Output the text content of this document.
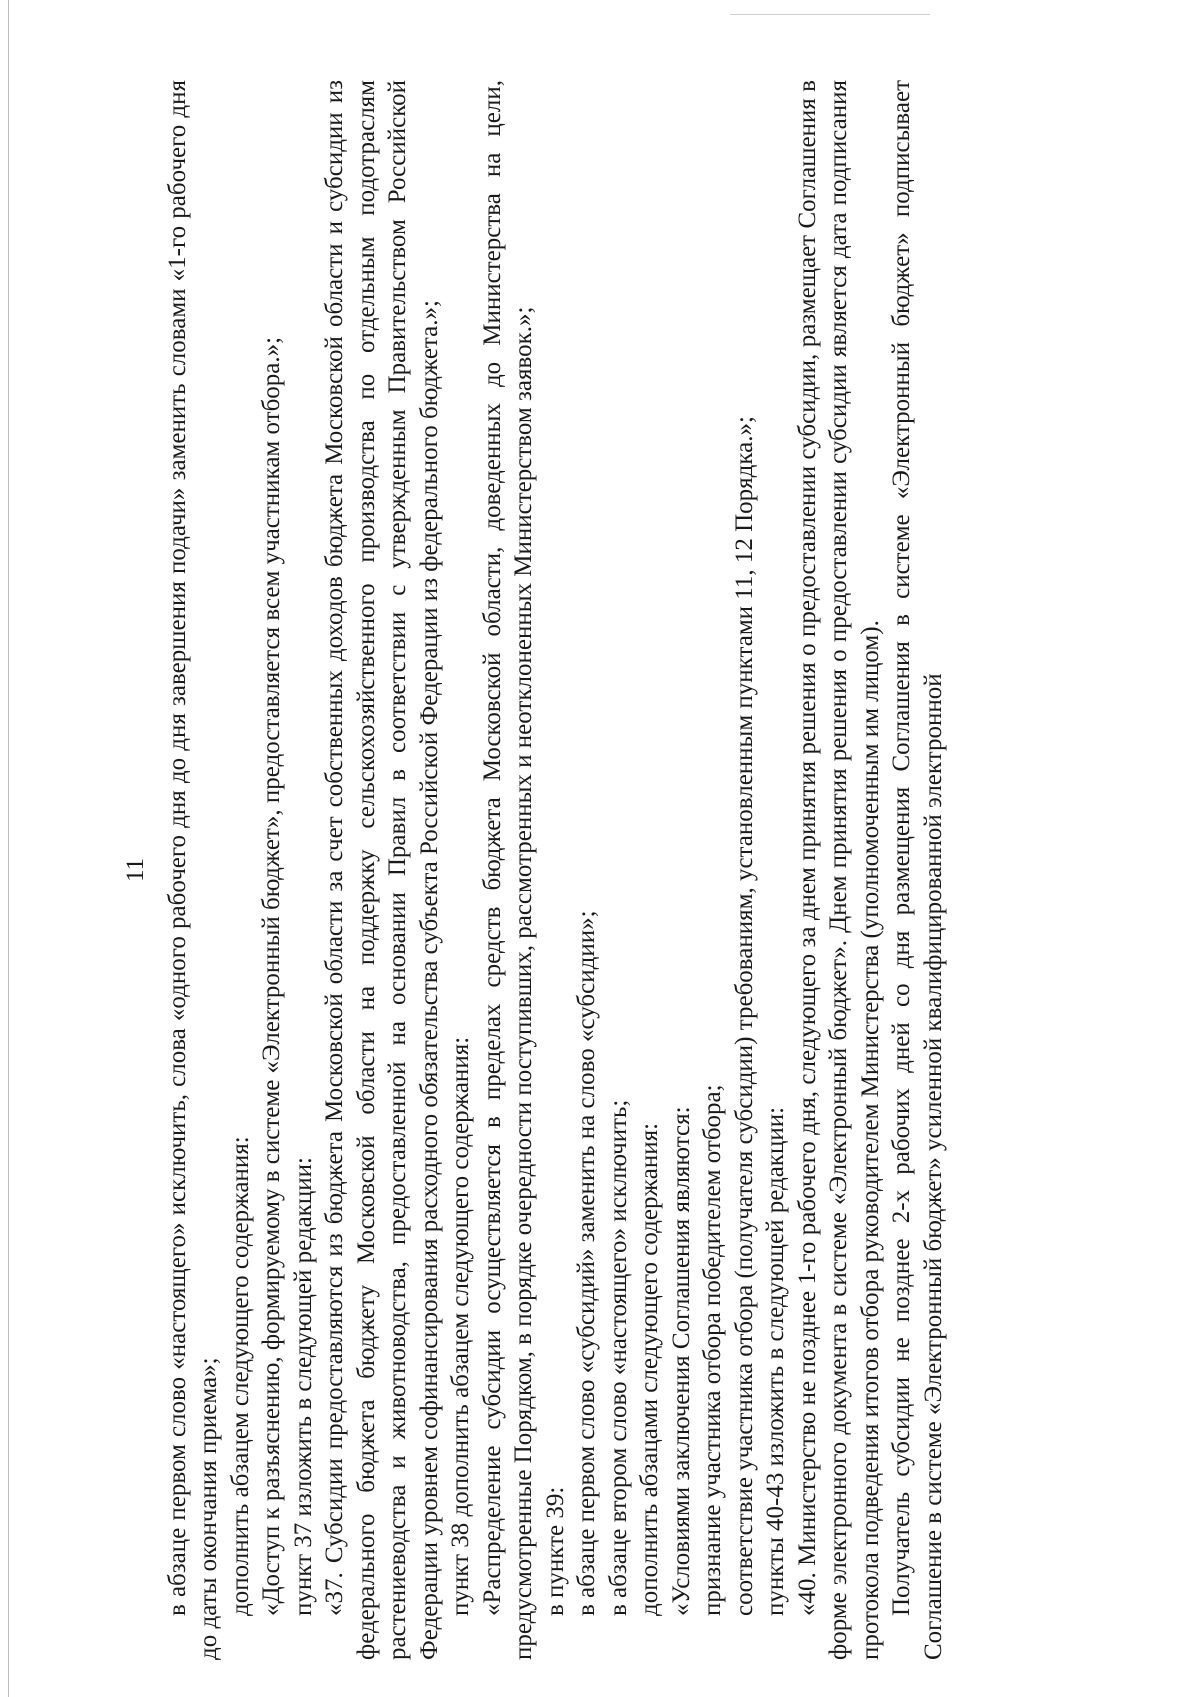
11 в абзаце первом слово «настоящего» исключить, слова «одного рабочего дня до дня завершения подачи» заменить словами «1-го рабочего дня до даты окончания приема»; дополнить абзацем следующего содержания: «Доступ к разъяснению, формируемому в системе «Электронный бюджет», предоставляется всем участникам отбора.»; пункт 37 изложить в следующей редакции: «37. Субсидии предоставляются из бюджета Московской области за счет собственных доходов бюджета Московской области и субсидии из федерального бюджета бюджету Московской области на поддержку сельскохозяйственного производства по отдельным подотраслям растениеводства и животноводства, предоставленной на основании Правил в соответствии с утвержденным Правительством Российской Федерации уровнем софинансирования расходного обязательства субъекта Российской Федерации из федерального бюджета.»; пункт 38 дополнить абзацем следующего содержания: «Распределение субсидии осуществляется в пределах средств бюджета Московской области, доведенных до Министерства на цели, предусмотренные Порядком, в порядке очередности поступивших, рассмотренных и неотклоненных Министерством заявок.»; в пункте 39: в абзаце первом слово «субсидий» заменить на слово «субсидии»; в абзаце втором слово «настоящего» исключить; дополнить абзацами следующего содержания: «Условиями заключения Соглашения являются: признание участника отбора победителем отбора; соответствие участника отбора (получателя субсидии) требованиям, установленным пунктами 11, 12 Порядка.»; пункты 40-43 изложить в следующей редакции: «40. Министерство не позднее 1-го рабочего дня, следующего за днем принятия решения о предоставлении субсидии, размещает Соглашения в форме электронного документа в системе «Электронный бюджет». Днем принятия решения о предоставлении субсидии является дата подписания протокола подведения итогов отбора руководителем Министерства (уполномоченным им лицом). Получатель субсидии не позднее 2-х рабочих дней со дня размещения Соглашения в системе «Электронный бюджет» подписывает Соглашение в системе «Электронный бюджет» усиленной квалифицированной электронной
